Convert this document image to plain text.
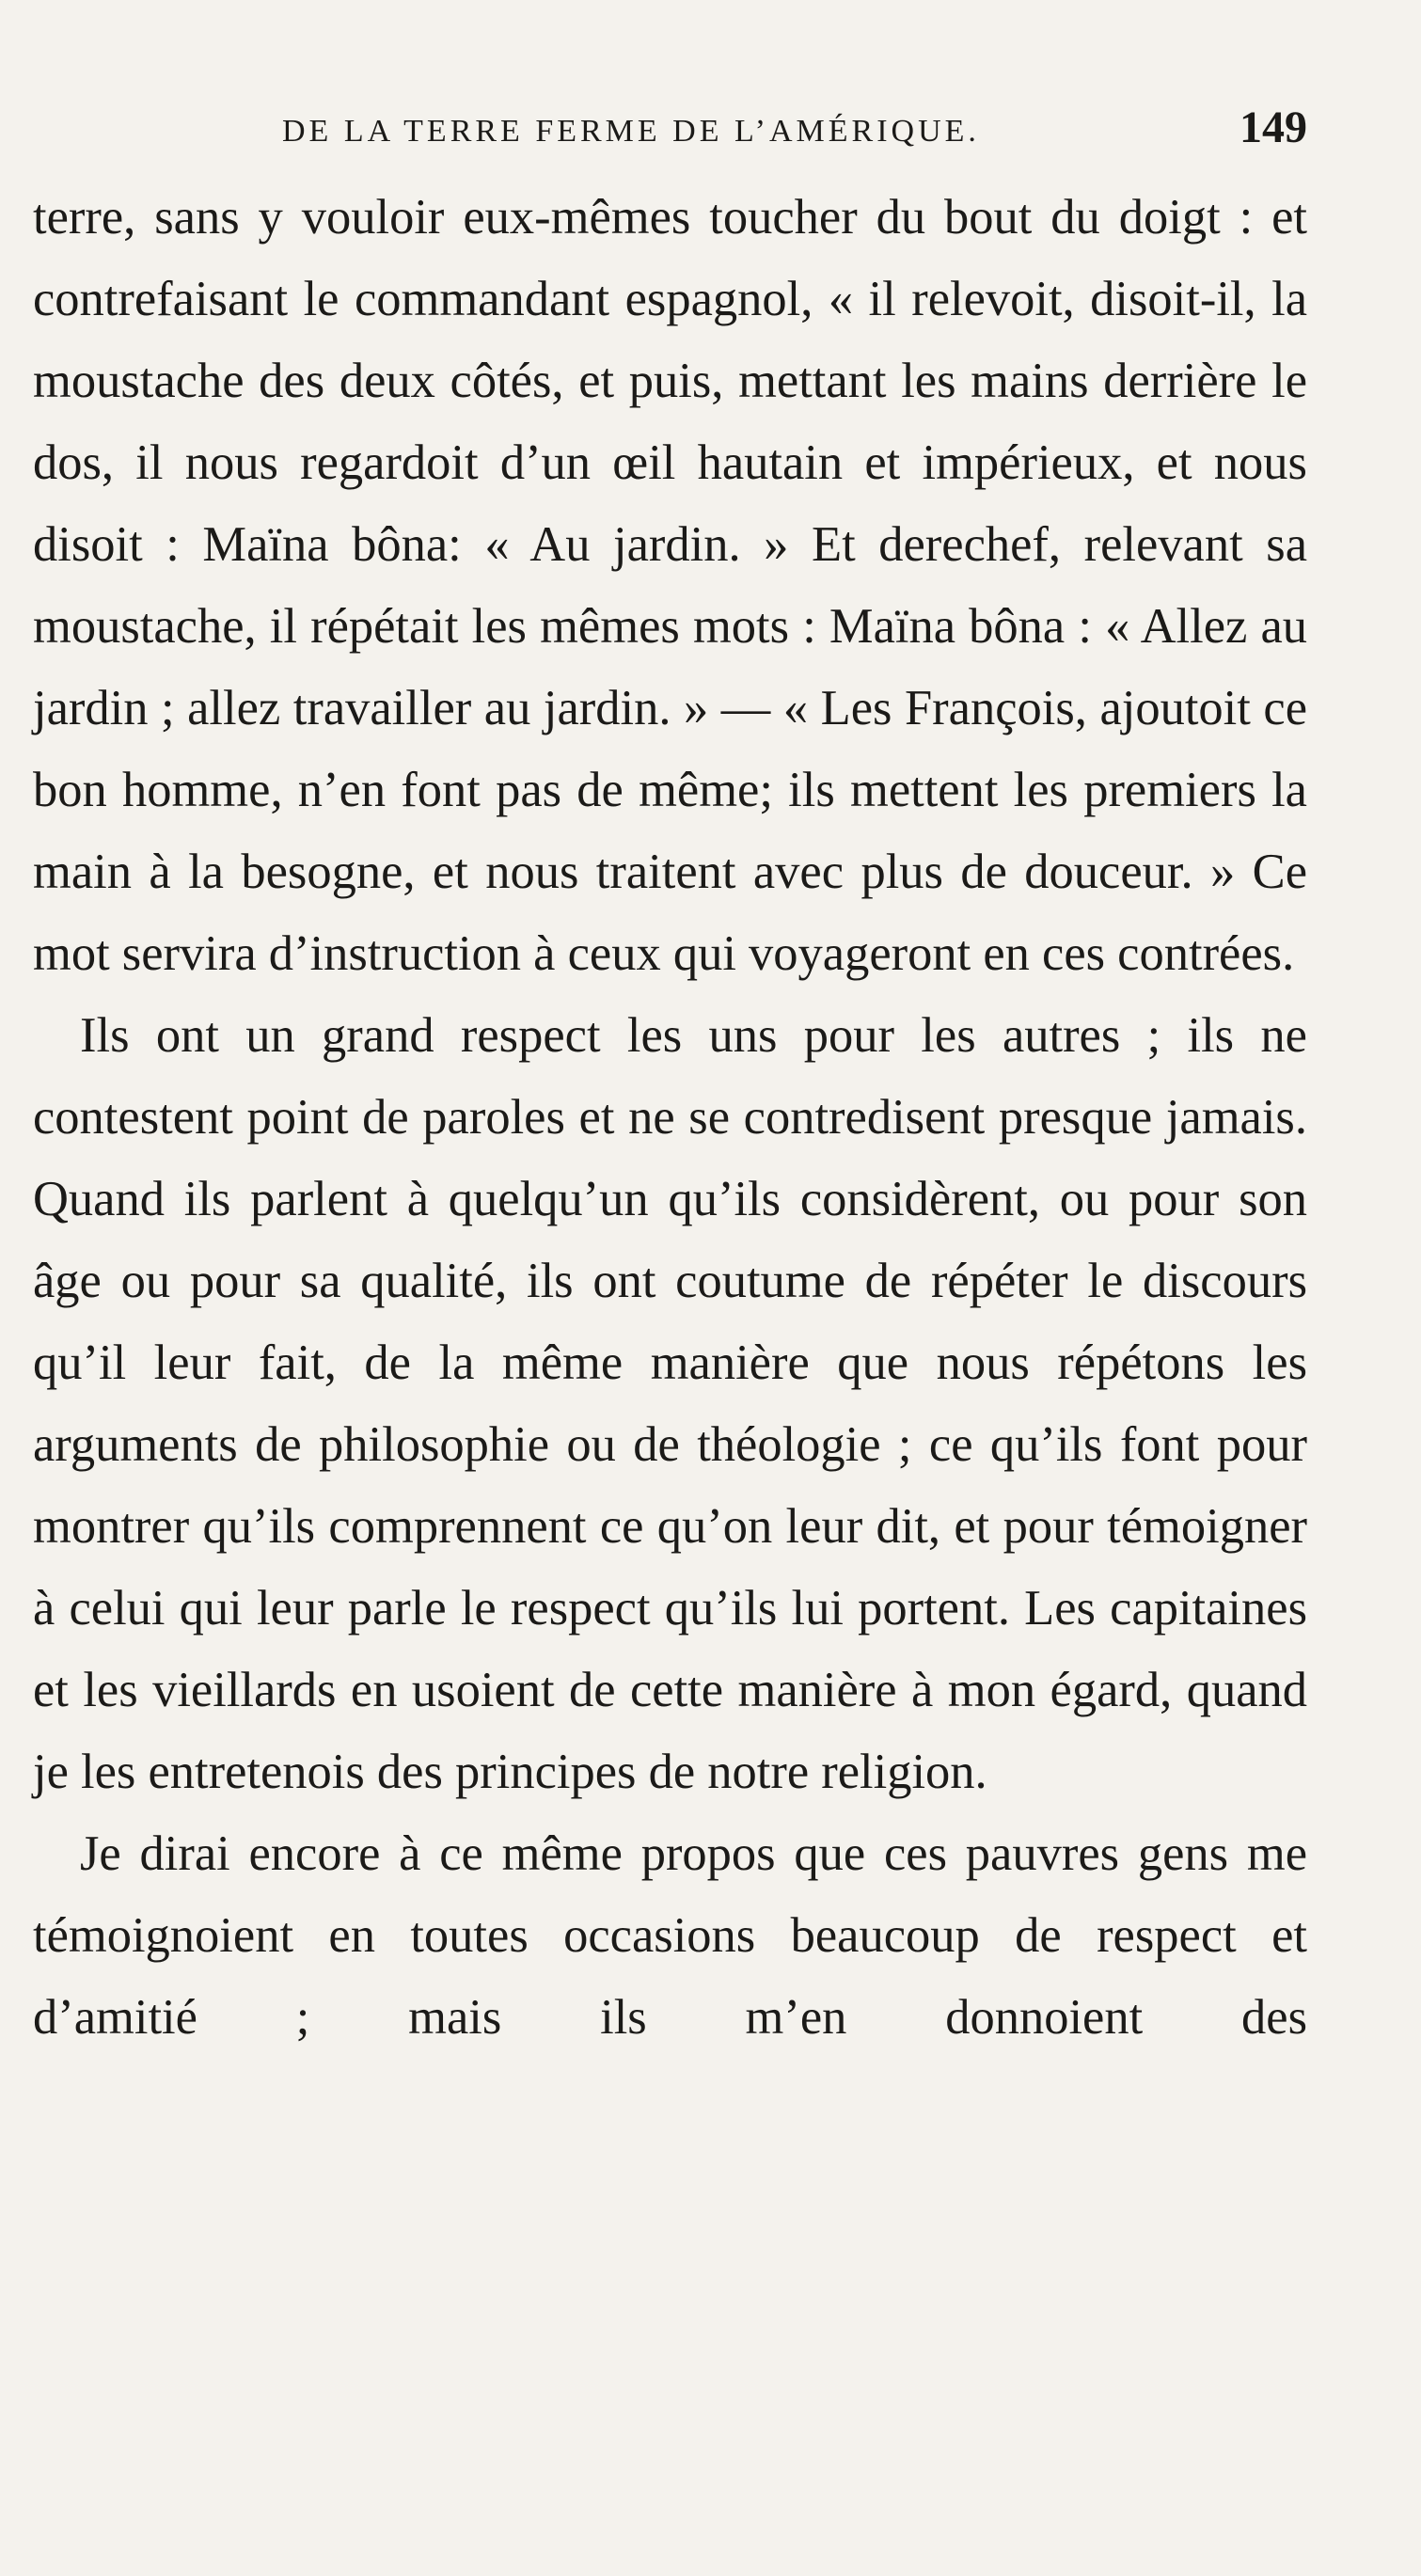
DE LA TERRE FERME DE L’AMÉRIQUE.	149

terre, sans y vouloir eux-mêmes toucher du bout du doigt : et contrefaisant le commandant espagnol, « il relevoit, disoit-il, la moustache des deux côtés, et puis, mettant les mains derrière le dos, il nous regardoit d’un œil hautain et impérieux, et nous disoit : Maïna bôna: « Au jardin. » Et derechef, relevant sa moustache, il répétait les mêmes mots : Maïna bôna : « Allez au jardin ; allez travailler au jardin. » — « Les François, ajoutoit ce bon homme, n’en font pas de même; ils mettent les premiers la main à la besogne, et nous traitent avec plus de douceur. » Ce mot servira d’instruction à ceux qui voyageront en ces contrées.

Ils ont un grand respect les uns pour les autres ; ils ne contestent point de paroles et ne se contredisent presque jamais. Quand ils parlent à quelqu’un qu’ils considèrent, ou pour son âge ou pour sa qualité, ils ont coutume de répéter le discours qu’il leur fait, de la même manière que nous répétons les arguments de philosophie ou de théologie ; ce qu’ils font pour montrer qu’ils comprennent ce qu’on leur dit, et pour témoigner à celui qui leur parle le respect qu’ils lui portent. Les capitaines et les vieillards en usoient de cette manière à mon égard, quand je les entretenois des principes de notre religion.

Je dirai encore à ce même propos que ces pauvres gens me témoignoient en toutes occasions beaucoup de respect et d’amitié ; mais ils m’en donnoient des
